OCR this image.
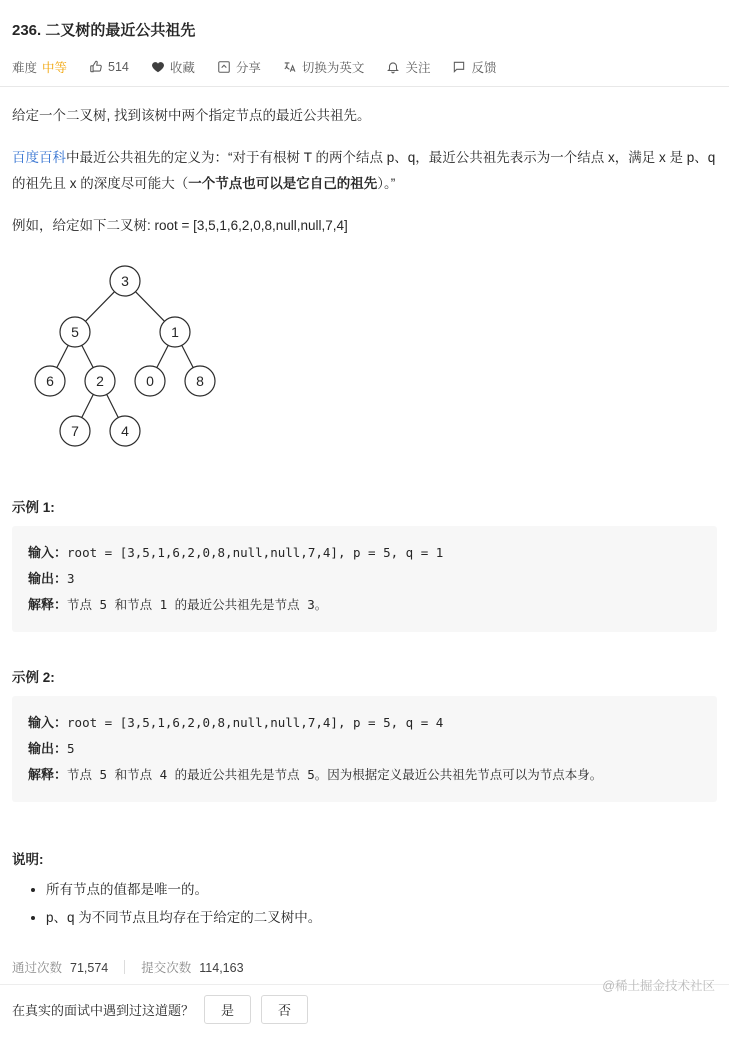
236. 二叉树的最近公共祖先
难度 中等	514	收藏	分享	切换为英文	关注	反馈

给定一个二叉树, 找到该树中两个指定节点的最近公共祖先。

百度百科中最近公共祖先的定义为：“对于有根树 T 的两个结点 p、q，最近公共祖先表示为一个结点 x，满足 x 是 p、q 的祖先且 x 的深度尽可能大（一个节点也可以是它自己的祖先）。”

例如，给定如下二叉树: root = [3,5,1,6,2,0,8,null,null,7,4]

3
5	1
6	2	0	8
7	4
示例 1:
输入：root = [3,5,1,6,2,0,8,null,null,7,4], p = 5, q = 1
输出：3
解释：节点 5 和节点 1 的最近公共祖先是节点 3。
示例 2:
输入：root = [3,5,1,6,2,0,8,null,null,7,4], p = 5, q = 4
输出：5
解释：节点 5 和节点 4 的最近公共祖先是节点 5。因为根据定义最近公共祖先节点可以为节点本身。
说明:
• 所有节点的值都是唯一的。
• p、q 为不同节点且均存在于给定的二叉树中。
通过次数 71,574	提交次数 114,163
在真实的面试中遇到过这道题？	是	否
@稀土掘金技术社区
